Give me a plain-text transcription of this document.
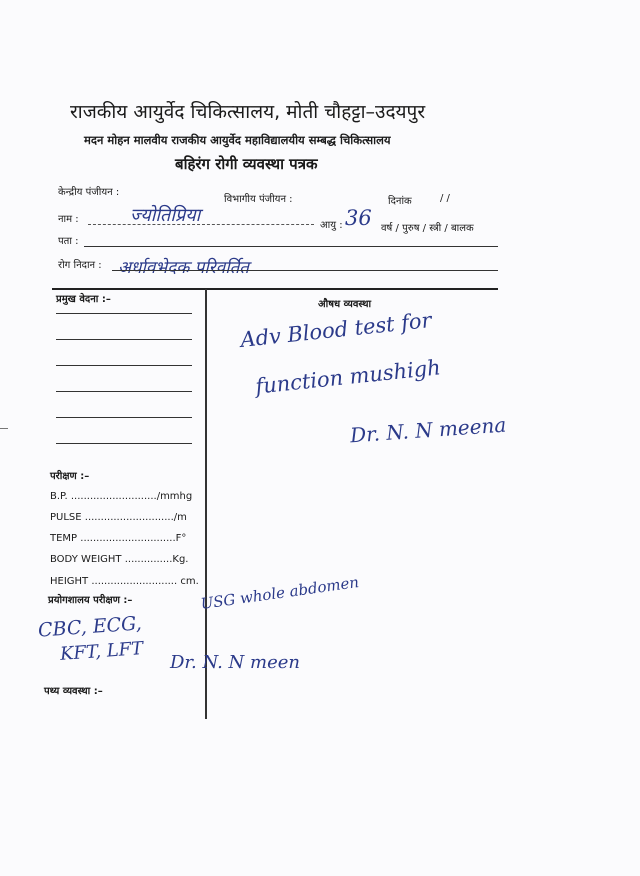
राजकीय आयुर्वेद चिकित्सालय, मोती चौहट्टा–उदयपुर
मदन मोहन मालवीय राजकीय आयुर्वेद महाविद्यालयीय सम्बद्ध चिकित्सालय
बहिरंग रोगी व्यवस्था पत्रक
केन्द्रीय पंजीयन :
विभागीय पंजीयन :	दिनांक	/ /
नाम :	ज्योतिप्रिया	आयु : 36 वर्ष / पुरुष / स्त्री / बालक
पता :
रोग निदान : अर्धावभेदक परिवर्तित
प्रमुख वेदना :–
परीक्षण :–
B.P. .........................../mmhg
PULSE ............................/m
TEMP ..............................F°
BODY WEIGHT ...............Kg.
HEIGHT ........................... cm.
प्रयोगशालय परीक्षण :–
CBC, ECG,
KFT, LFT
USG whole abdomen
Dr. N. N meen
पथ्य व्यवस्था :–
औषध व्यवस्था
Adv Blood test for
function mushigh
Dr. N. N meena
